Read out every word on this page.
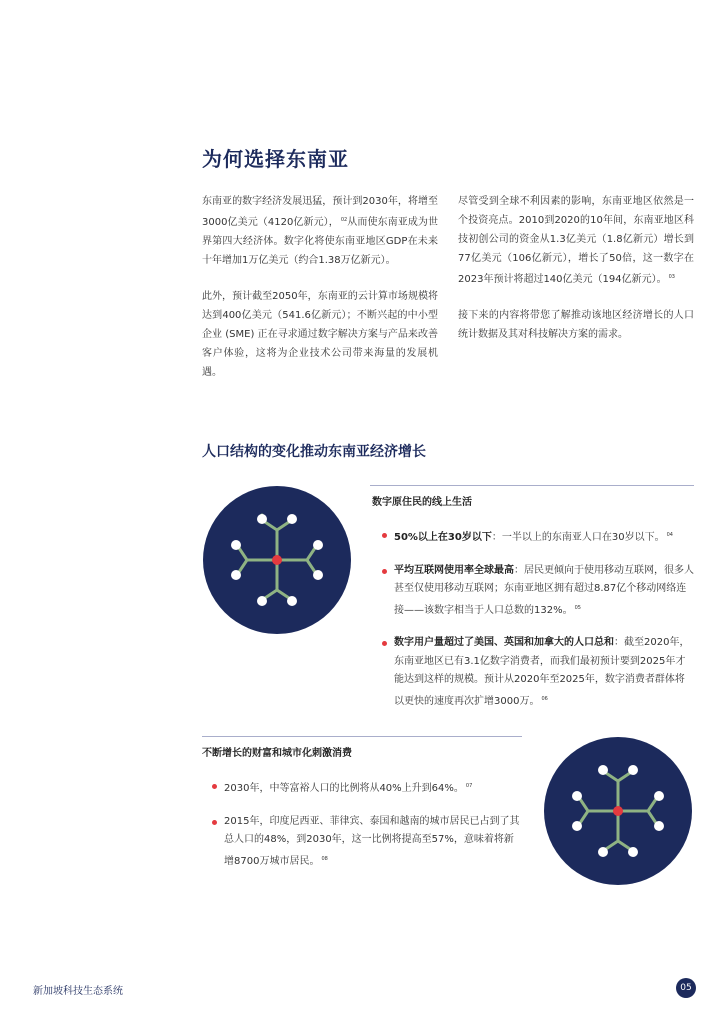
为何选择东南亚

东南亚的数字经济发展迅猛，预计到2030年，将增至3000亿美元（4120亿新元）， $^{02}$从而使东南亚成为世界第四大经济体。数字化将使东南亚地区GDP在未来十年增加1万亿美元（约合1.38万亿新元）。

此外，预计截至2050年，东南亚的云计算市场规模将达到400亿美元（541.6亿新元）；不断兴起的中小型企业 (SME) 正在寻求通过数字解决方案与产品来改善客户体验，这将为企业技术公司带来海量的发展机遇。

尽管受到全球不利因素的影响，东南亚地区依然是一个投资亮点。2010到2020的10年间，东南亚地区科技初创公司的资金从1.3亿美元（1.8亿新元）增长到77亿美元（106亿新元），增长了50倍，这一数字在2023年预计将超过140亿美元（194亿新元）。 $^{03}$

接下来的内容将带您了解推动该地区经济增长的人口统计数据及其对科技解决方案的需求。

人口结构的变化推动东南亚经济增长
数字原住民的线上生活
50%以上在30岁以下：一半以上的东南亚人口在30岁以下。 $^{04}$
平均互联网使用率全球最高：居民更倾向于使用移动互联网，很多人甚至仅使用移动互联网；东南亚地区拥有超过8.87亿个移动网络连接——该数字相当于人口总数的132%。 $^{05}$
数字用户量超过了美国、英国和加拿大的人口总和：截至2020年，东南亚地区已有3.1亿数字消费者，而我们最初预计要到2025年才能达到这样的规模。预计从2020年至2025年，数字消费者群体将以更快的速度再次扩增3000万。 $^{06}$
不断增长的财富和城市化刺激消费
2030年，中等富裕人口的比例将从40%上升到64%。 $^{07}$
2015年，印度尼西亚、菲律宾、泰国和越南的城市居民已占到了其总人口的48%，到2030年，这一比例将提高至57%，意味着将新增8700万城市居民。 $^{08}$
新加坡科技生态系统	05
